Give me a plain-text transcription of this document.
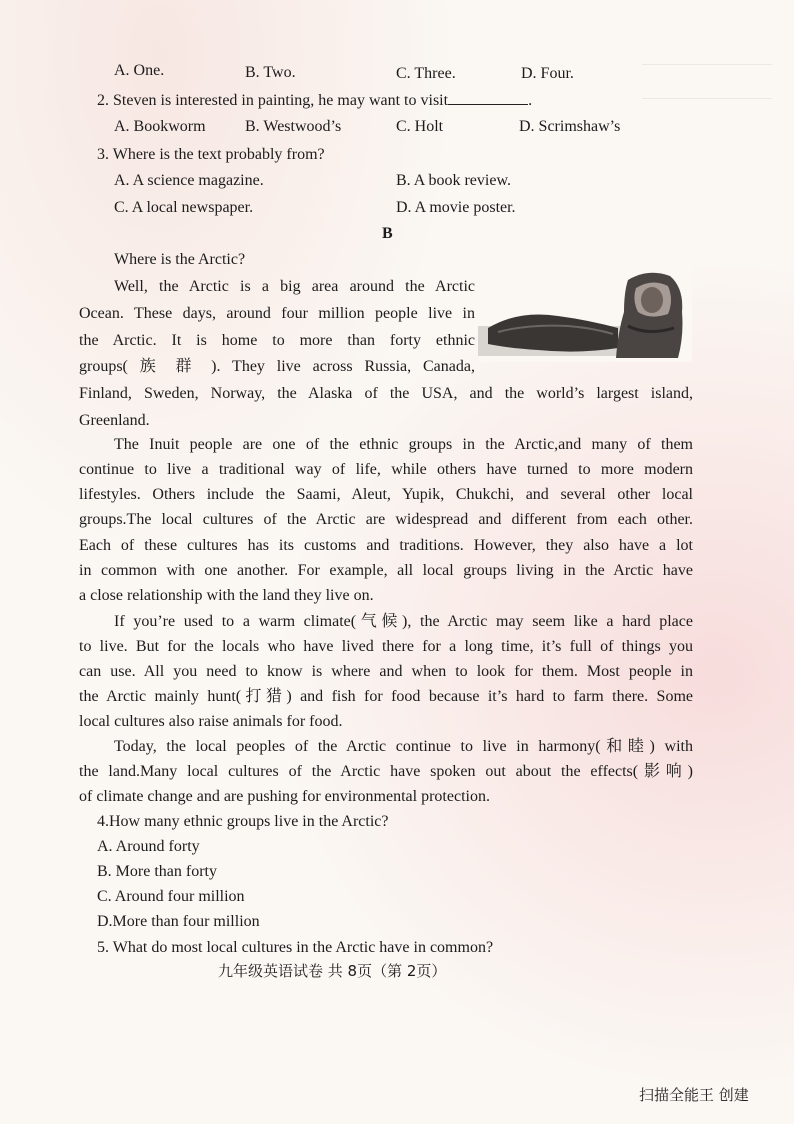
A. One.	B. Two.	C. Three.	D. Four.
2. Steven is interested in painting, he may want to visit	.
A. Bookworm B. Westwood’s	C. Holt	D. Scrimshaw’s
3. Where is the text probably from?
A. A science magazine.	B. A book review.
C. A local newspaper.	D. A movie poster.
B
Where is the Arctic?
Well, the Arctic is a big area around the Arctic
Ocean. These days, around four million people live in
the Arctic. It is home to more than forty ethnic
groups( 族 群 ). They live across Russia, Canada,
Finland, Sweden, Norway, the Alaska of the USA, and the world’s largest island,
Greenland.
The Inuit people are one of the ethnic groups in the Arctic,and many of them
continue to live a traditional way of life, while others have turned to more modern
lifestyles. Others include the Saami, Aleut, Yupik, Chukchi, and several other local
groups.The local cultures of the Arctic are widespread and different from each other.
Each of these cultures has its customs and traditions. However, they also have a lot
in common with one another. For example, all local groups living in the Arctic have
a close relationship with the land they live on.
If you’re used to a warm climate(气候), the Arctic may seem like a hard place
to live. But for the locals who have lived there for a long time, it’s full of things you
can use. All you need to know is where and when to look for them. Most people in
the Arctic mainly hunt(打猎) and fish for food because it’s hard to farm there. Some
local cultures also raise animals for food.
Today, the local peoples of the Arctic continue to live in harmony(和睦) with
the land.Many local cultures of the Arctic have spoken out about the effects(影响)
of climate change and are pushing for environmental protection.
4.How many ethnic groups live in the Arctic?
A. Around forty
B. More than forty
C. Around four million
D.More than four million
5. What do most local cultures in the Arctic have in common?
九年级英语试卷 共 8页（第 2页）
扫描全能王 创建
